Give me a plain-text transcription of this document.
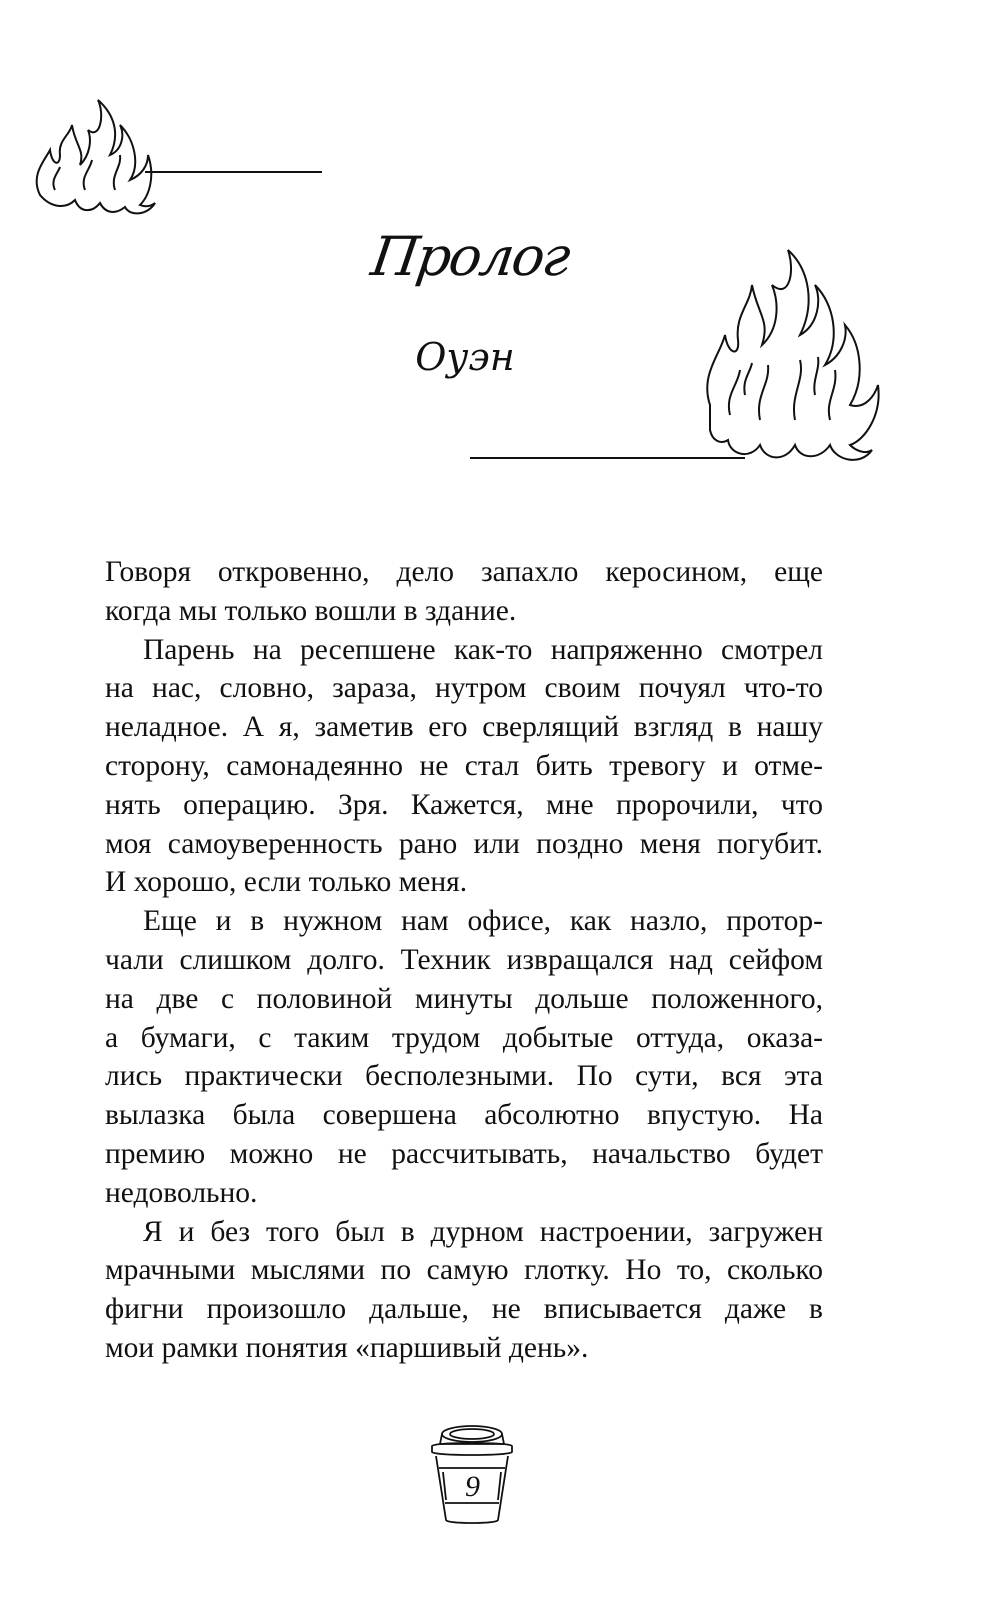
Пролог
Оуэн
Говоря откровенно, дело запахло керосином, еще
когда мы только вошли в здание.
Парень на ресепшене как-то напряженно смотрел
на нас, словно, зараза, нутром своим почуял что-то
неладное. А я, заметив его сверлящий взгляд в нашу
сторону, самонадеянно не стал бить тревогу и отме-
нять операцию. Зря. Кажется, мне пророчили, что
моя самоуверенность рано или поздно меня погубит.
И хорошо, если только меня.
Еще и в нужном нам офисе, как назло, протор-
чали слишком долго. Техник извращался над сейфом
на две с половиной минуты дольше положенного,
а бумаги, с таким трудом добытые оттуда, оказа-
лись практически бесполезными. По сути, вся эта
вылазка была совершена абсолютно впустую. На
премию можно не рассчитывать, начальство будет
недовольно.
Я и без того был в дурном настроении, загружен
мрачными мыслями по самую глотку. Но то, сколько
фигни произошло дальше, не вписывается даже в
мои рамки понятия «паршивый день».
9
